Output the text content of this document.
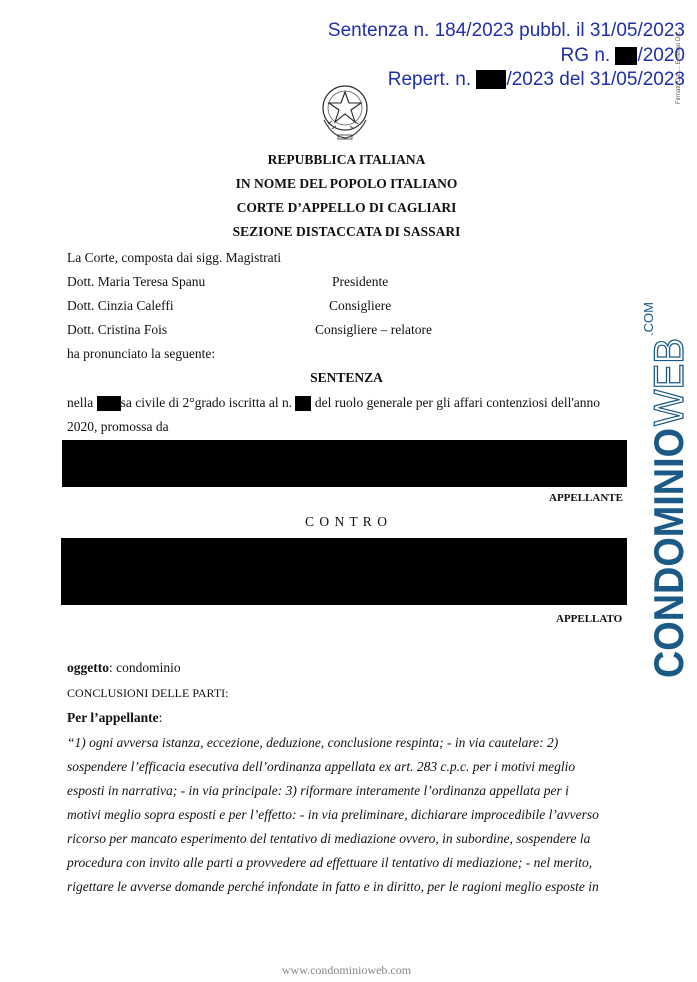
Sentenza n. 184/2023 pubbl. il 31/05/2023
RG n. /2020
Repert. n. /2023 del 31/05/2023
Firmato Da: ... Emesso Da: ...
REPUBBLICA ITALIANA
IN NOME DEL POPOLO ITALIANO
CORTE D’APPELLO DI CAGLIARI
SEZIONE DISTACCATA DI SASSARI
La Corte, composta dai sigg. Magistrati
Dott. Maria Teresa Spanu	Presidente
Dott. Cinzia Caleffi	Consigliere
Dott. Cristina Fois	Consigliere – relatore
ha pronunciato la seguente:
SENTENZA
nella sa civile di 2°grado iscritta al n.  del ruolo generale per gli affari contenziosi dell'anno
2020, promossa da
APPELLANTE
C O N T R O
APPELLATO
oggetto: condominio
CONCLUSIONI DELLE PARTI:
Per l’appellante:
“1) ogni avversa istanza, eccezione, deduzione, conclusione respinta; - in via cautelare: 2)
sospendere l’efficacia esecutiva dell’ordinanza appellata ex art. 283 c.p.c. per i motivi meglio
esposti in narrativa; - in via principale: 3) riformare interamente l’ordinanza appellata per i
motivi meglio sopra esposti e per l’effetto: - in via preliminare, dichiarare improcedibile l’avverso
ricorso per mancato esperimento del tentativo di mediazione ovvero, in subordine, sospendere la
procedura con invito alle parti a provvedere ad effettuare il tentativo di mediazione; - nel merito,
rigettare le avverse domande perché infondate in fatto e in diritto, per le ragioni meglio esposte in
CONDOMINIO
WEB
.COM
www.condominioweb.com
